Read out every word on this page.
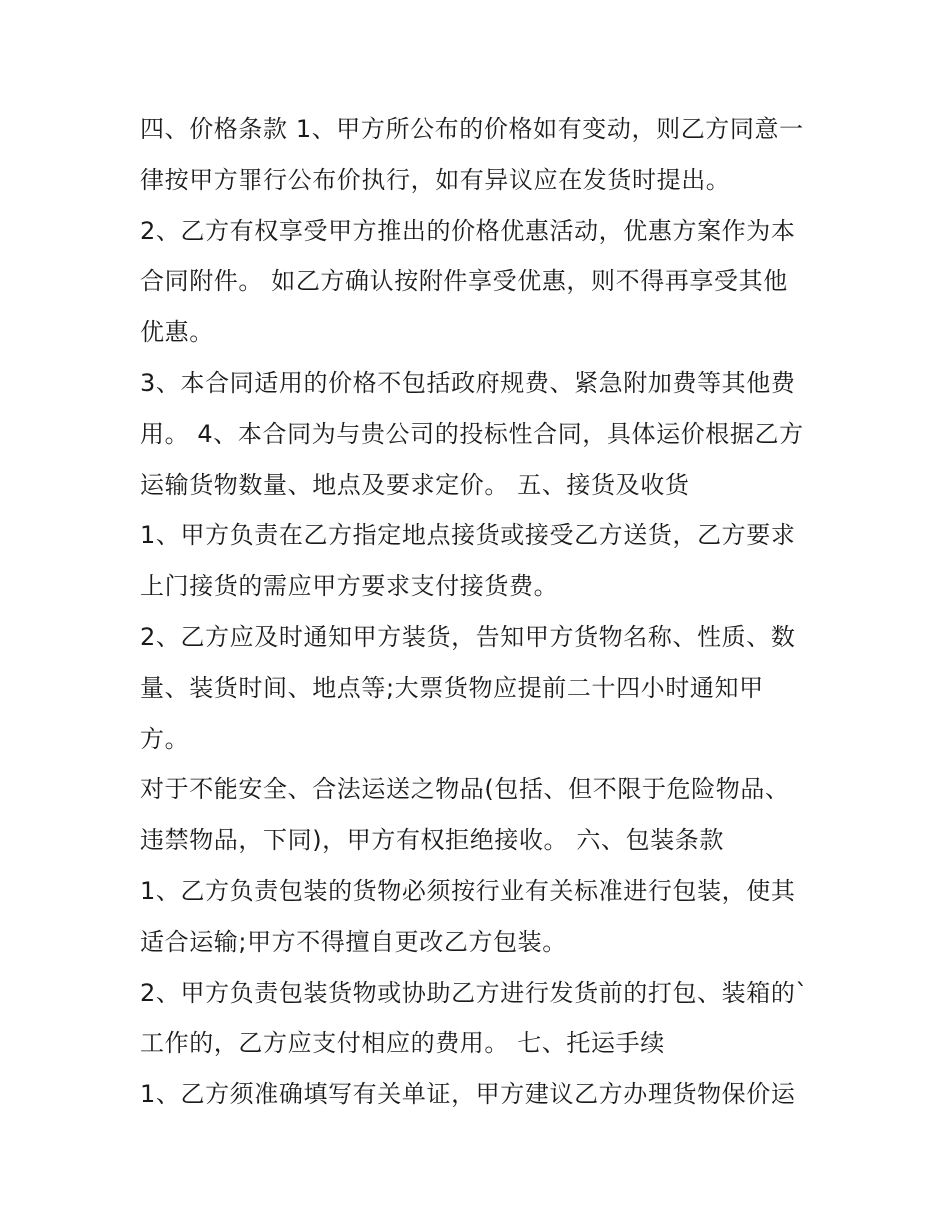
四、价格条款 1、甲方所公布的价格如有变动，则乙方同意一
律按甲方罪行公布价执行，如有异议应在发货时提出。
2、乙方有权享受甲方推出的价格优惠活动，优惠方案作为本
合同附件。 如乙方确认按附件享受优惠，则不得再享受其他
优惠。
3、本合同适用的价格不包括政府规费、紧急附加费等其他费
用。 4、本合同为与贵公司的投标性合同，具体运价根据乙方
运输货物数量、地点及要求定价。 五、接货及收货
1、甲方负责在乙方指定地点接货或接受乙方送货，乙方要求
上门接货的需应甲方要求支付接货费。
2、乙方应及时通知甲方装货，告知甲方货物名称、性质、数
量、装货时间、地点等;大票货物应提前二十四小时通知甲
方。
对于不能安全、合法运送之物品(包括、但不限于危险物品、
违禁物品，下同)，甲方有权拒绝接收。 六、包装条款
1、乙方负责包装的货物必须按行业有关标准进行包装，使其
适合运输;甲方不得擅自更改乙方包装。
2、甲方负责包装货物或协助乙方进行发货前的打包、装箱的`
工作的，乙方应支付相应的费用。 七、托运手续
1、乙方须准确填写有关单证，甲方建议乙方办理货物保价运
